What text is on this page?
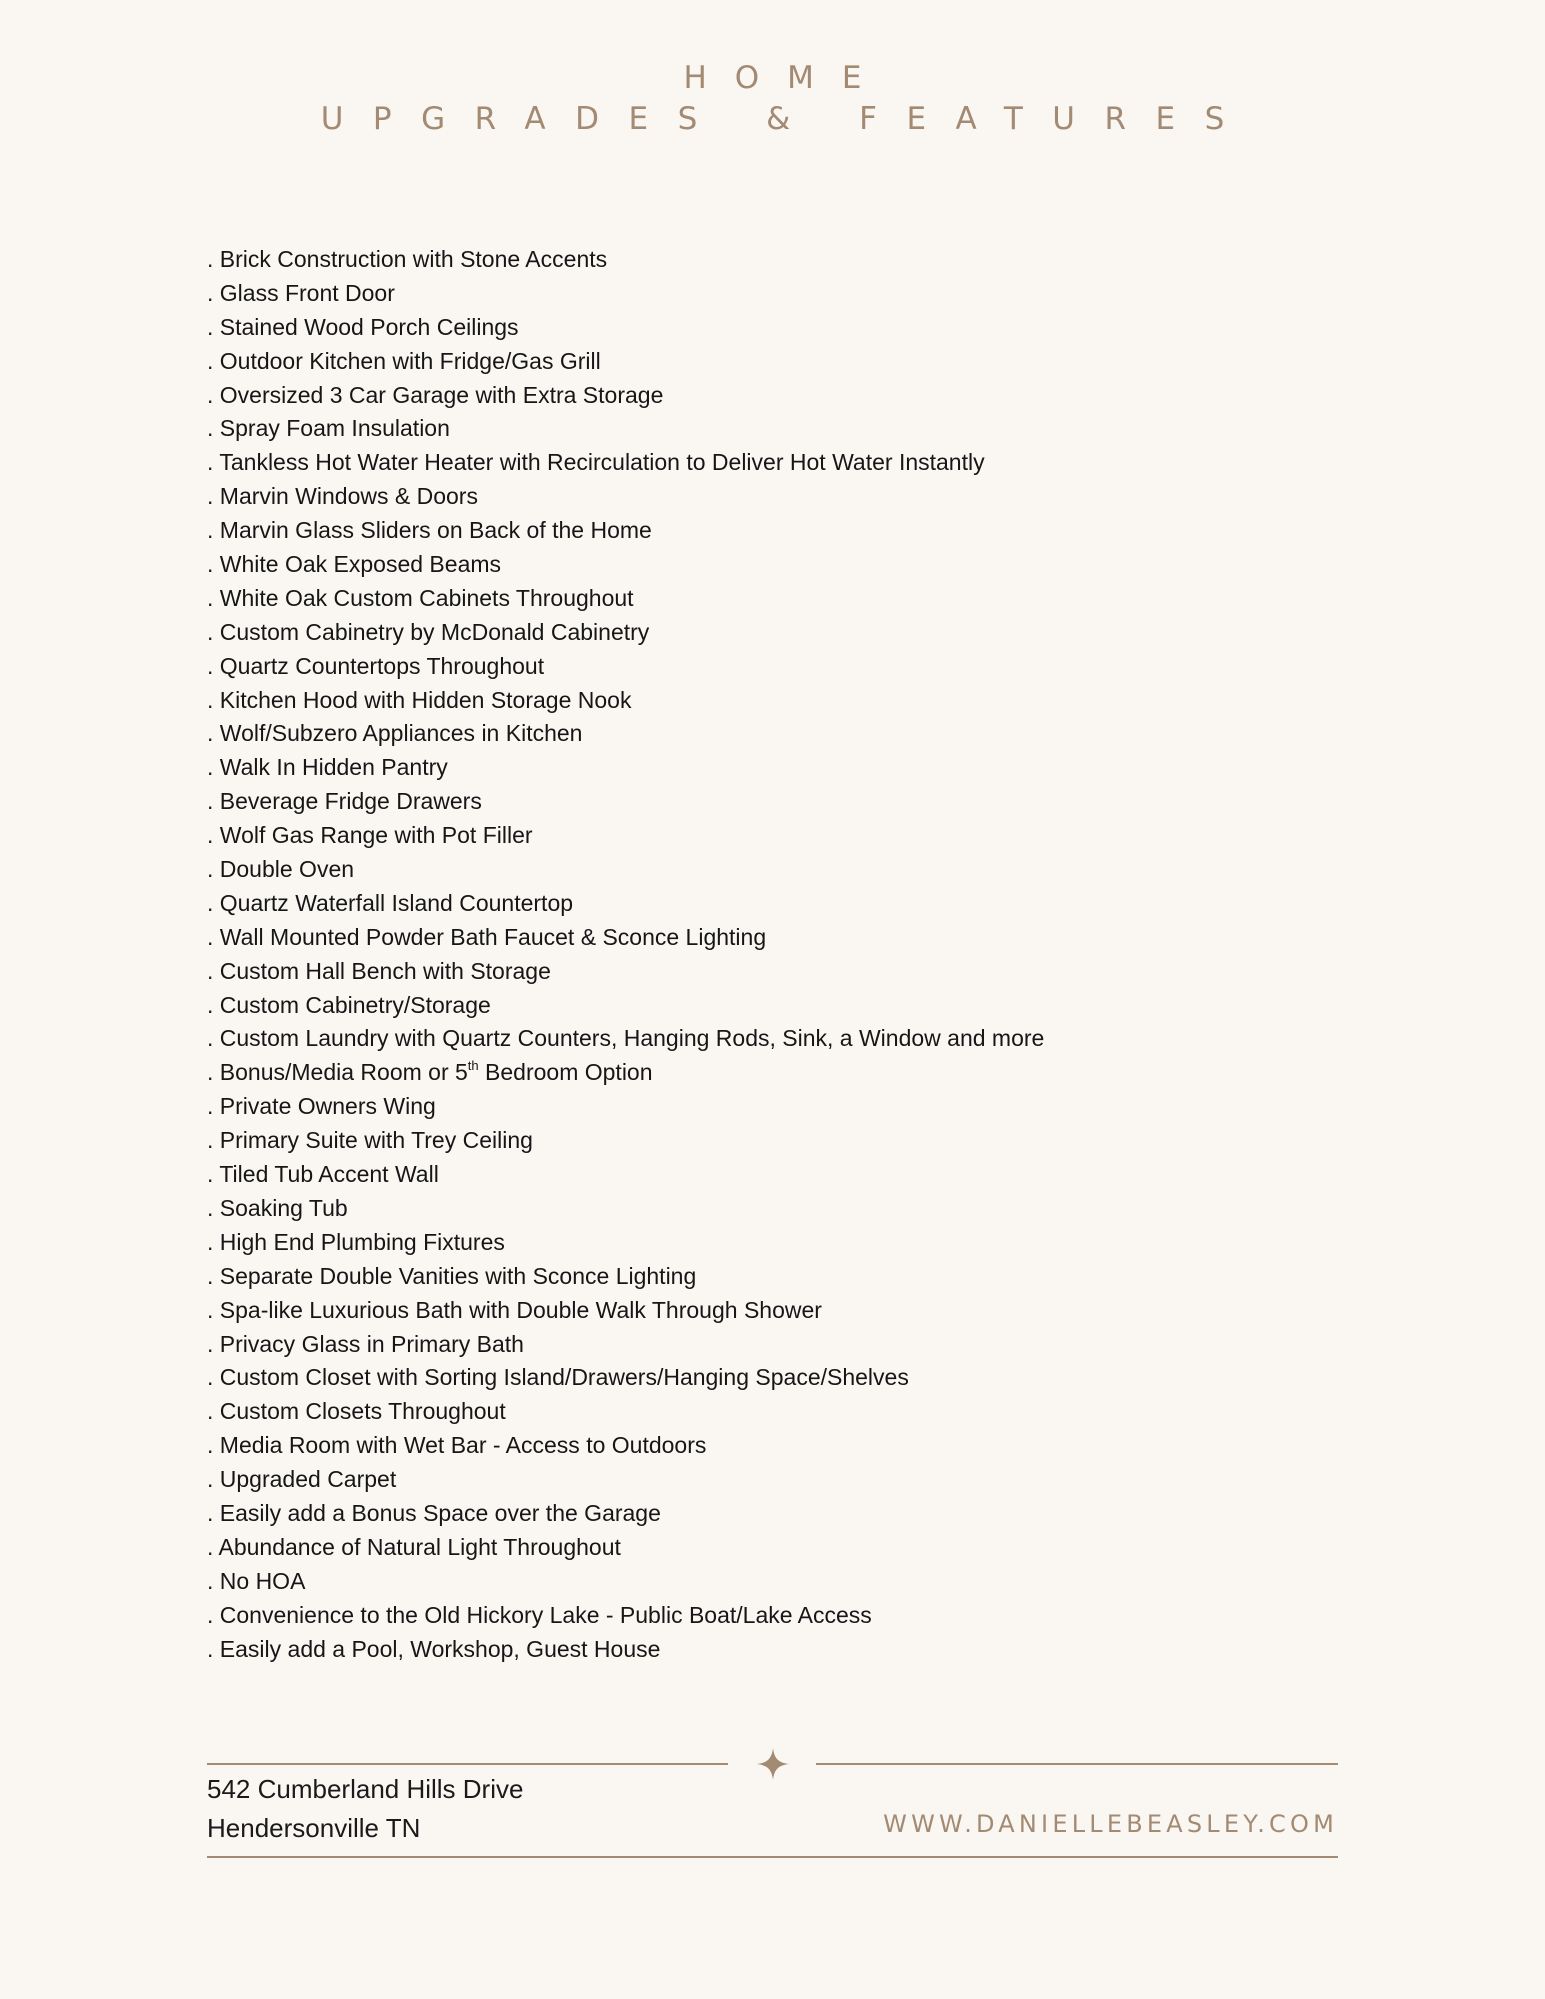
HOME
UPGRADES & FEATURES
. Brick Construction with Stone Accents
. Glass Front Door
. Stained Wood Porch Ceilings
. Outdoor Kitchen with Fridge/Gas Grill
. Oversized 3 Car Garage with Extra Storage
. Spray Foam Insulation
. Tankless Hot Water Heater with Recirculation to Deliver Hot Water Instantly
. Marvin Windows & Doors
. Marvin Glass Sliders on Back of the Home
. White Oak Exposed Beams
. White Oak Custom Cabinets Throughout
. Custom Cabinetry by McDonald Cabinetry
. Quartz Countertops Throughout
. Kitchen Hood with Hidden Storage Nook
. Wolf/Subzero Appliances in Kitchen
. Walk In Hidden Pantry
. Beverage Fridge Drawers
. Wolf Gas Range with Pot Filler
. Double Oven
. Quartz Waterfall Island Countertop
. Wall Mounted Powder Bath Faucet & Sconce Lighting
. Custom Hall Bench with Storage
. Custom Cabinetry/Storage
. Custom Laundry with Quartz Counters, Hanging Rods, Sink, a Window and more
. Bonus/Media Room or 5th Bedroom Option
. Private Owners Wing
. Primary Suite with Trey Ceiling
. Tiled Tub Accent Wall
. Soaking Tub
. High End Plumbing Fixtures
. Separate Double Vanities with Sconce Lighting
. Spa-like Luxurious Bath with Double Walk Through Shower
. Privacy Glass in Primary Bath
. Custom Closet with Sorting Island/Drawers/Hanging Space/Shelves
. Custom Closets Throughout
. Media Room with Wet Bar - Access to Outdoors
. Upgraded Carpet
. Easily add a Bonus Space over the Garage
. Abundance of Natural Light Throughout
. No HOA
. Convenience to the Old Hickory Lake - Public Boat/Lake Access
. Easily add a Pool, Workshop, Guest House

542 Cumberland Hills Drive

Hendersonville TN	WWW.DANIELLEBEASLEY.COM
